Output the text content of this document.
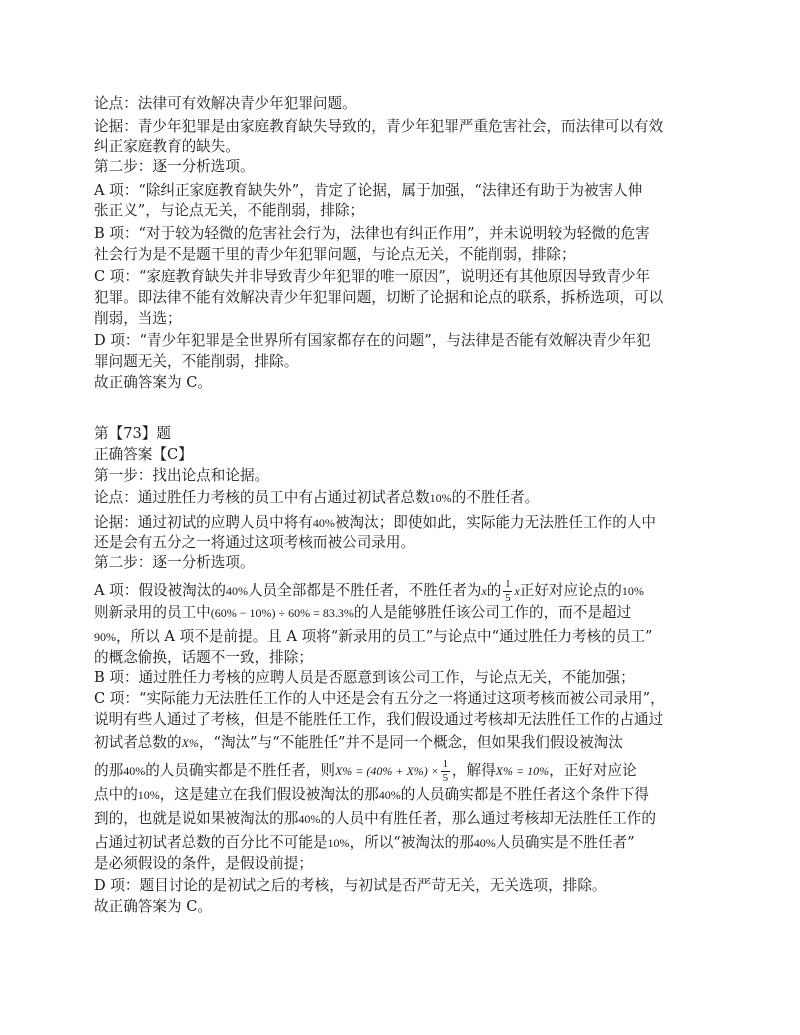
论点：法律可有效解决青少年犯罪问题。
论据：青少年犯罪是由家庭教育缺失导致的，青少年犯罪严重危害社会，而法律可以有效
纠正家庭教育的缺失。
第二步：逐一分析选项。
A 项：“除纠正家庭教育缺失外”，肯定了论据，属于加强，“法律还有助于为被害人伸
张正义”，与论点无关，不能削弱，排除；
B 项：“对于较为轻微的危害社会行为，法律也有纠正作用”，并未说明较为轻微的危害
社会行为是不是题干里的青少年犯罪问题，与论点无关，不能削弱，排除；
C 项：“家庭教育缺失并非导致青少年犯罪的唯一原因”，说明还有其他原因导致青少年
犯罪。即法律不能有效解决青少年犯罪问题，切断了论据和论点的联系，拆桥选项，可以
削弱，当选；
D 项：“青少年犯罪是全世界所有国家都存在的问题”，与法律是否能有效解决青少年犯
罪问题无关，不能削弱，排除。
故正确答案为 C。
第【73】题
正确答案【C】
第一步：找出论点和论据。
论点：通过胜任力考核的员工中有占通过初试者总数10%的不胜任者。
论据：通过初试的应聘人员中将有40%被淘汰；即使如此，实际能力无法胜任工作的人中
还是会有五分之一将通过这项考核而被公司录用。
第二步：逐一分析选项。
A 项：假设被淘汰的40%人员全部都是不胜任者，不胜任者为x的 $\frac{1}{5}$ x正好对应论点的10%
则新录用的员工中(60% − 10%) ÷ 60% = 83.3%的人是能够胜任该公司工作的，而不是超过
90%，所以 A 项不是前提。且 A 项将“新录用的员工”与论点中“通过胜任力考核的员工”
的概念偷换，话题不一致，排除；
B 项：通过胜任力考核的应聘人员是否愿意到该公司工作，与论点无关，不能加强；
C 项：“实际能力无法胜任工作的人中还是会有五分之一将通过这项考核而被公司录用”，
说明有些人通过了考核，但是不能胜任工作，我们假设通过考核却无法胜任工作的占通过
初试者总数的X%，“淘汰”与“不能胜任”并不是同一个概念，但如果我们假设被淘汰
的那40%的人员确实都是不胜任者，则$X\% = (40\% + X\%) \times \frac{1}{5}$ ，解得X% = 10%，正好对应论
点中的10%，这是建立在我们假设被淘汰的那40%的人员确实都是不胜任者这个条件下得
到的，也就是说如果被淘汰的那40%的人员中有胜任者，那么通过考核却无法胜任工作的
占通过初试者总数的百分比不可能是10%，所以“被淘汰的那40%人员确实是不胜任者”
是必须假设的条件，是假设前提；
D 项：题目讨论的是初试之后的考核，与初试是否严苛无关，无关选项，排除。
故正确答案为 C。
